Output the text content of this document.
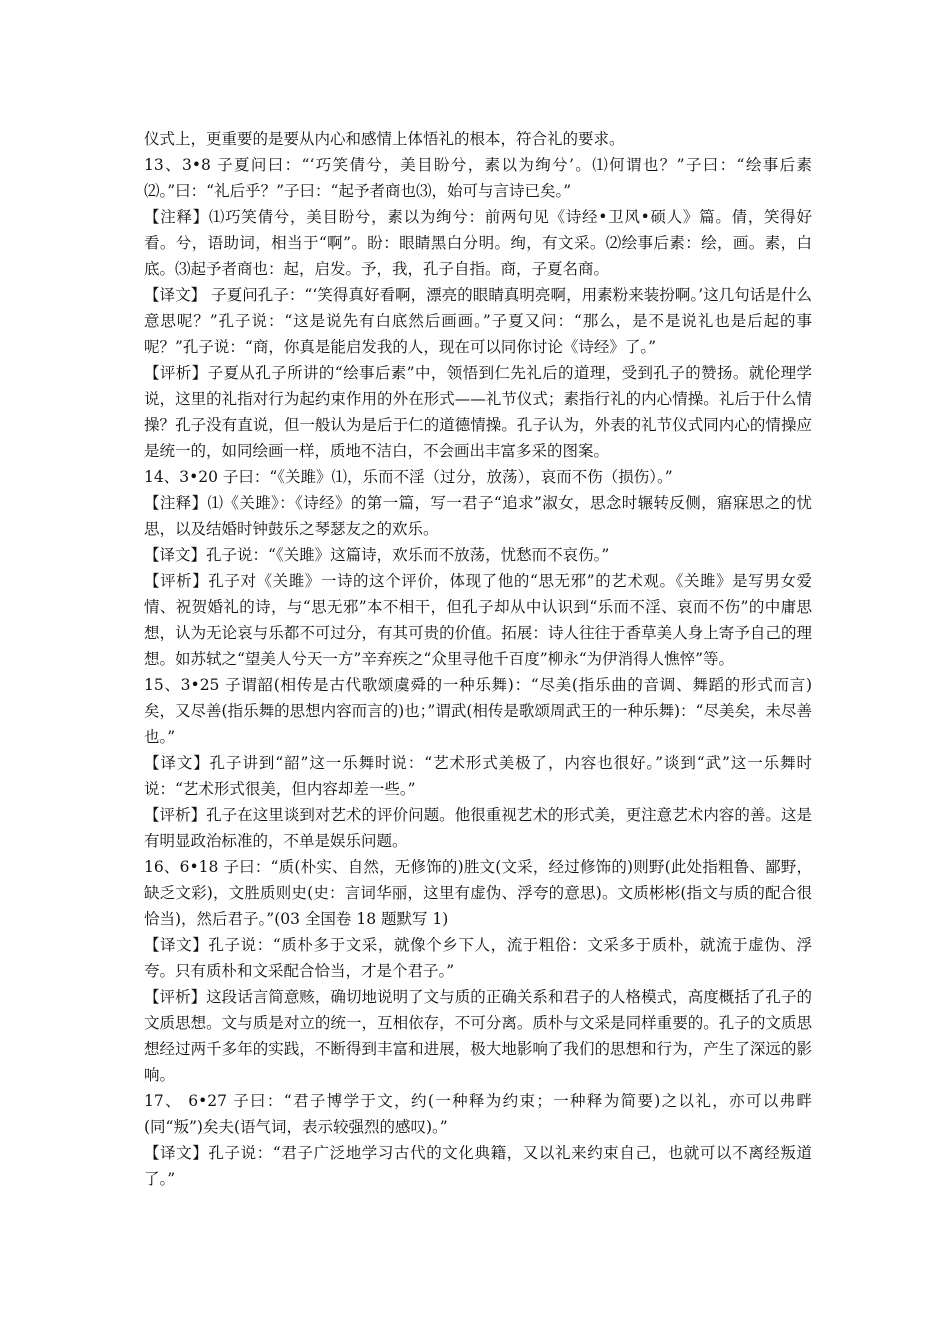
仪式上，更重要的是要从内心和感情上体悟礼的根本，符合礼的要求。

13、3•8 子夏问曰：“‘巧笑倩兮，美目盼兮，素以为绚兮’。⑴何谓也？”子曰：“绘事后素⑵。”曰：“礼后乎？”子曰：“起予者商也⑶，始可与言诗已矣。”

【注释】⑴巧笑倩兮，美目盼兮，素以为绚兮：前两句见《诗经•卫风•硕人》篇。倩，笑得好看。兮，语助词，相当于“啊”。盼：眼睛黑白分明。绚，有文采。⑵绘事后素：绘，画。素，白底。⑶起予者商也：起，启发。予，我，孔子自指。商，子夏名商。

【译文】 子夏问孔子：“‘笑得真好看啊，漂亮的眼睛真明亮啊，用素粉来装扮啊。’这几句话是什么意思呢？”孔子说：“这是说先有白底然后画画。”子夏又问：“那么，是不是说礼也是后起的事呢？”孔子说：“商，你真是能启发我的人，现在可以同你讨论《诗经》了。”

【评析】子夏从孔子所讲的“绘事后素”中，领悟到仁先礼后的道理，受到孔子的赞扬。就伦理学说，这里的礼指对行为起约束作用的外在形式——礼节仪式；素指行礼的内心情操。礼后于什么情操？孔子没有直说，但一般认为是后于仁的道德情操。孔子认为，外表的礼节仪式同内心的情操应是统一的，如同绘画一样，质地不洁白，不会画出丰富多采的图案。

14、3•20 子曰：“《关雎》⑴，乐而不淫（过分，放荡），哀而不伤（损伤）。”

【注释】⑴《关雎》：《诗经》的第一篇，写一君子“追求”淑女，思念时辗转反侧，寤寐思之的忧思，以及结婚时钟鼓乐之琴瑟友之的欢乐。

【译文】孔子说：“《关雎》这篇诗，欢乐而不放荡，忧愁而不哀伤。”

【评析】孔子对《关雎》一诗的这个评价，体现了他的“思无邪”的艺术观。《关雎》是写男女爱情、祝贺婚礼的诗，与“思无邪”本不相干，但孔子却从中认识到“乐而不淫、哀而不伤”的中庸思想，认为无论哀与乐都不可过分，有其可贵的价值。拓展：诗人往往于香草美人身上寄予自己的理想。如苏轼之“望美人兮天一方”辛弃疾之“众里寻他千百度”柳永“为伊消得人憔悴”等。

15、3•25 子谓韶(相传是古代歌颂虞舜的一种乐舞)：“尽美(指乐曲的音调、舞蹈的形式而言)矣，又尽善(指乐舞的思想内容而言的)也；”谓武(相传是歌颂周武王的一种乐舞)：“尽美矣，未尽善也。”

【译文】孔子讲到“韶”这一乐舞时说：“艺术形式美极了，内容也很好。”谈到“武”这一乐舞时说：“艺术形式很美，但内容却差一些。”

【评析】孔子在这里谈到对艺术的评价问题。他很重视艺术的形式美，更注意艺术内容的善。这是有明显政治标准的，不单是娱乐问题。

16、6•18 子曰：“质(朴实、自然，无修饰的)胜文(文采，经过修饰的)则野(此处指粗鲁、鄙野，缺乏文彩)，文胜质则史(史：言词华丽，这里有虚伪、浮夸的意思)。文质彬彬(指文与质的配合很恰当)，然后君子。”(03 全国卷 18 题默写 1)

【译文】孔子说：“质朴多于文采，就像个乡下人，流于粗俗：文采多于质朴，就流于虚伪、浮夸。只有质朴和文采配合恰当，才是个君子。”

【评析】这段话言简意赅，确切地说明了文与质的正确关系和君子的人格模式，高度概括了孔子的文质思想。文与质是对立的统一，互相依存，不可分离。质朴与文采是同样重要的。孔子的文质思想经过两千多年的实践，不断得到丰富和进展，极大地影响了我们的思想和行为，产生了深远的影响。

17、 6•27 子曰：“君子博学于文，约(一种释为约束；一种释为简要)之以礼，亦可以弗畔(同“叛”)矣夫(语气词，表示较强烈的感叹)。”

【译文】孔子说：“君子广泛地学习古代的文化典籍，又以礼来约束自己，也就可以不离经叛道了。”
